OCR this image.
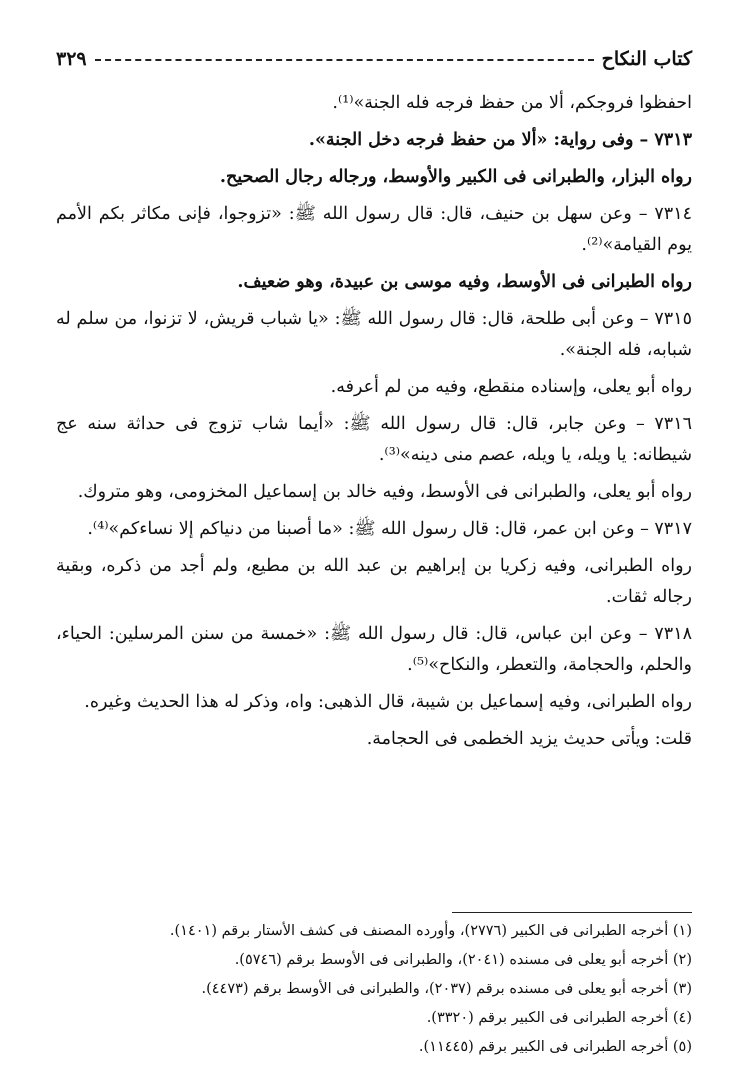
كتاب النكاح
٣٢٩

احفظوا فروجكم، ألا من حفظ فرجه فله الجنة»⁽¹⁾.

٧٣١٣ – وفى رواية: «ألا من حفظ فرجه دخل الجنة».

رواه البزار، والطبرانى فى الكبير والأوسط، ورجاله رجال الصحيح.

٧٣١٤ – وعن سهل بن حنيف، قال: قال رسول الله ﷺ: «تزوجوا، فإنى مكاثر بكم الأمم يوم القيامة»⁽²⁾.

رواه الطبرانى فى الأوسط، وفيه موسى بن عبيدة، وهو ضعيف.

٧٣١٥ – وعن أبى طلحة، قال: قال رسول الله ﷺ: «يا شباب قريش، لا تزنوا، من سلم له شبابه، فله الجنة».

رواه أبو يعلى، وإسناده منقطع، وفيه من لم أعرفه.

٧٣١٦ – وعن جابر، قال: قال رسول الله ﷺ: «أيما شاب تزوج فى حداثة سنه عج شيطانه: يا ويله، يا ويله، عصم منى دينه»⁽³⁾.

رواه أبو يعلى، والطبرانى فى الأوسط، وفيه خالد بن إسماعيل المخزومى، وهو متروك.

٧٣١٧ – وعن ابن عمر، قال: قال رسول الله ﷺ: «ما أصبنا من دنياكم إلا نساءكم»⁽⁴⁾.

رواه الطبرانى، وفيه زكريا بن إبراهيم بن عبد الله بن مطيع، ولم أجد من ذكره، وبقية رجاله ثقات.

٧٣١٨ – وعن ابن عباس، قال: قال رسول الله ﷺ: «خمسة من سنن المرسلين: الحياء، والحلم، والحجامة، والتعطر، والنكاح»⁽⁵⁾.

رواه الطبرانى، وفيه إسماعيل بن شيبة، قال الذهبى: واه، وذكر له هذا الحديث وغيره.

قلت: ويأتى حديث يزيد الخطمى فى الحجامة.

(١) أخرجه الطبرانى فى الكبير (٢٧٧٦)، وأورده المصنف فى كشف الأستار برقم (١٤٠١).
(٢) أخرجه أبو يعلى فى مسنده (٢٠٤١)، والطبرانى فى الأوسط برقم (٥٧٤٦).
(٣) أخرجه أبو يعلى فى مسنده برقم (٢٠٣٧)، والطبرانى فى الأوسط برقم (٤٤٧٣).
(٤) أخرجه الطبرانى فى الكبير برقم (٣٣٢٠).
(٥) أخرجه الطبرانى فى الكبير برقم (١١٤٤٥).
